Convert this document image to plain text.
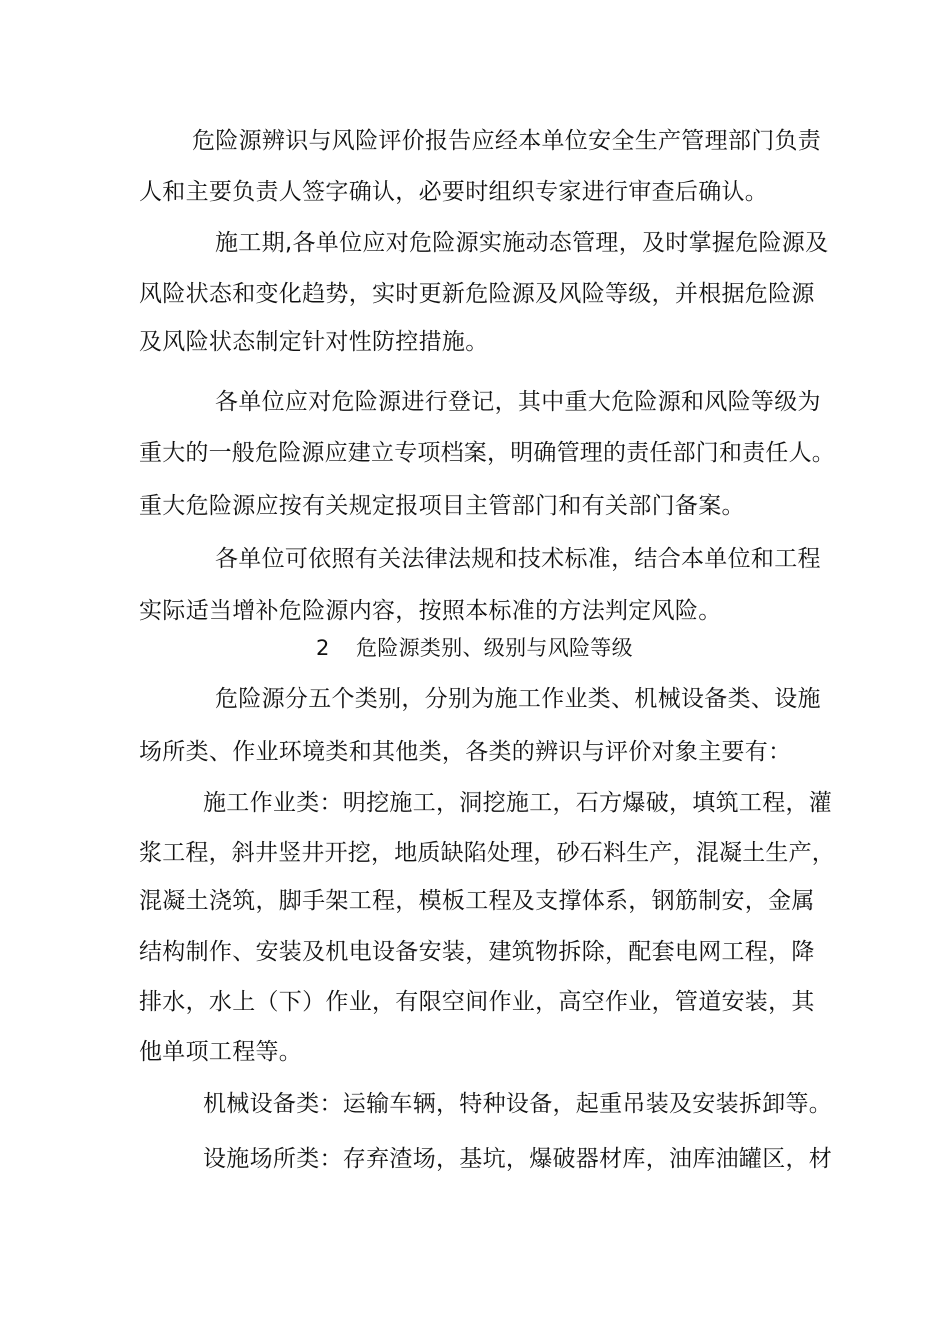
危险源辨识与风险评价报告应经本单位安全生产管理部门负责
人和主要负责人签字确认，必要时组织专家进行审查后确认。
施工期,各单位应对危险源实施动态管理，及时掌握危险源及
风险状态和变化趋势，实时更新危险源及风险等级，并根据危险源
及风险状态制定针对性防控措施。
各单位应对危险源进行登记，其中重大危险源和风险等级为
重大的一般危险源应建立专项档案，明确管理的责任部门和责任人。
重大危险源应按有关规定报项目主管部门和有关部门备案。
各单位可依照有关法律法规和技术标准，结合本单位和工程
实际适当增补危险源内容，按照本标准的方法判定风险。
2 危险源类别、级别与风险等级
危险源分五个类别，分别为施工作业类、机械设备类、设施
场所类、作业环境类和其他类，各类的辨识与评价对象主要有：
施工作业类：明挖施工，洞挖施工，石方爆破，填筑工程，灌
浆工程，斜井竖井开挖，地质缺陷处理，砂石料生产，混凝土生产，
混凝土浇筑，脚手架工程，模板工程及支撑体系，钢筋制安，金属
结构制作、安装及机电设备安装，建筑物拆除，配套电网工程，降
排水，水上（下）作业，有限空间作业，高空作业，管道安装，其
他单项工程等。
机械设备类：运输车辆，特种设备，起重吊装及安装拆卸等。
设施场所类：存弃渣场，基坑，爆破器材库，油库油罐区，材
